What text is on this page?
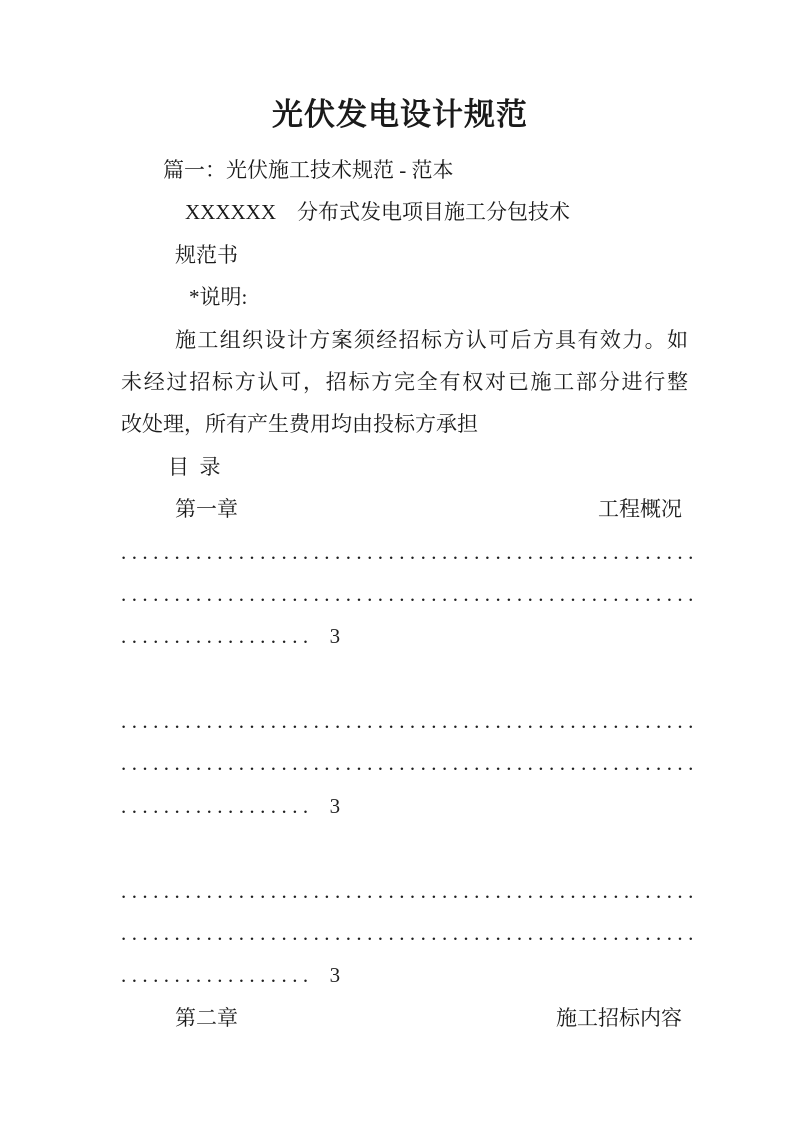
光伏发电设计规范
篇一：光伏施工技术规范 - 范本
XXXXXX　分布式发电项目施工分包技术
规范书
*说明:
施工组织设计方案须经招标方认可后方具有效力。如
未经过招标方认可，招标方完全有权对已施工部分进行整
改处理，所有产生费用均由投标方承担
目  录
第一章	工程概况
. . . . . . . . . . . . . . . . . . . . . . . . . . . . . . . . . . . . . . . . . . . . . . . . . . . . . .
. . . . . . . . . . . . . . . . . . . . . . . . . . . . . . . . . . . . . . . . . . . . . . . . . . . . . .
. . . . . . . . . . . . . . . . . .    3
. . . . . . . . . . . . . . . . . . . . . . . . . . . . . . . . . . . . . . . . . . . . . . . . . . . . . .
. . . . . . . . . . . . . . . . . . . . . . . . . . . . . . . . . . . . . . . . . . . . . . . . . . . . . .
. . . . . . . . . . . . . . . . . .    3
. . . . . . . . . . . . . . . . . . . . . . . . . . . . . . . . . . . . . . . . . . . . . . . . . . . . . .
. . . . . . . . . . . . . . . . . . . . . . . . . . . . . . . . . . . . . . . . . . . . . . . . . . . . . .
. . . . . . . . . . . . . . . . . .    3
第二章	施工招标内容
